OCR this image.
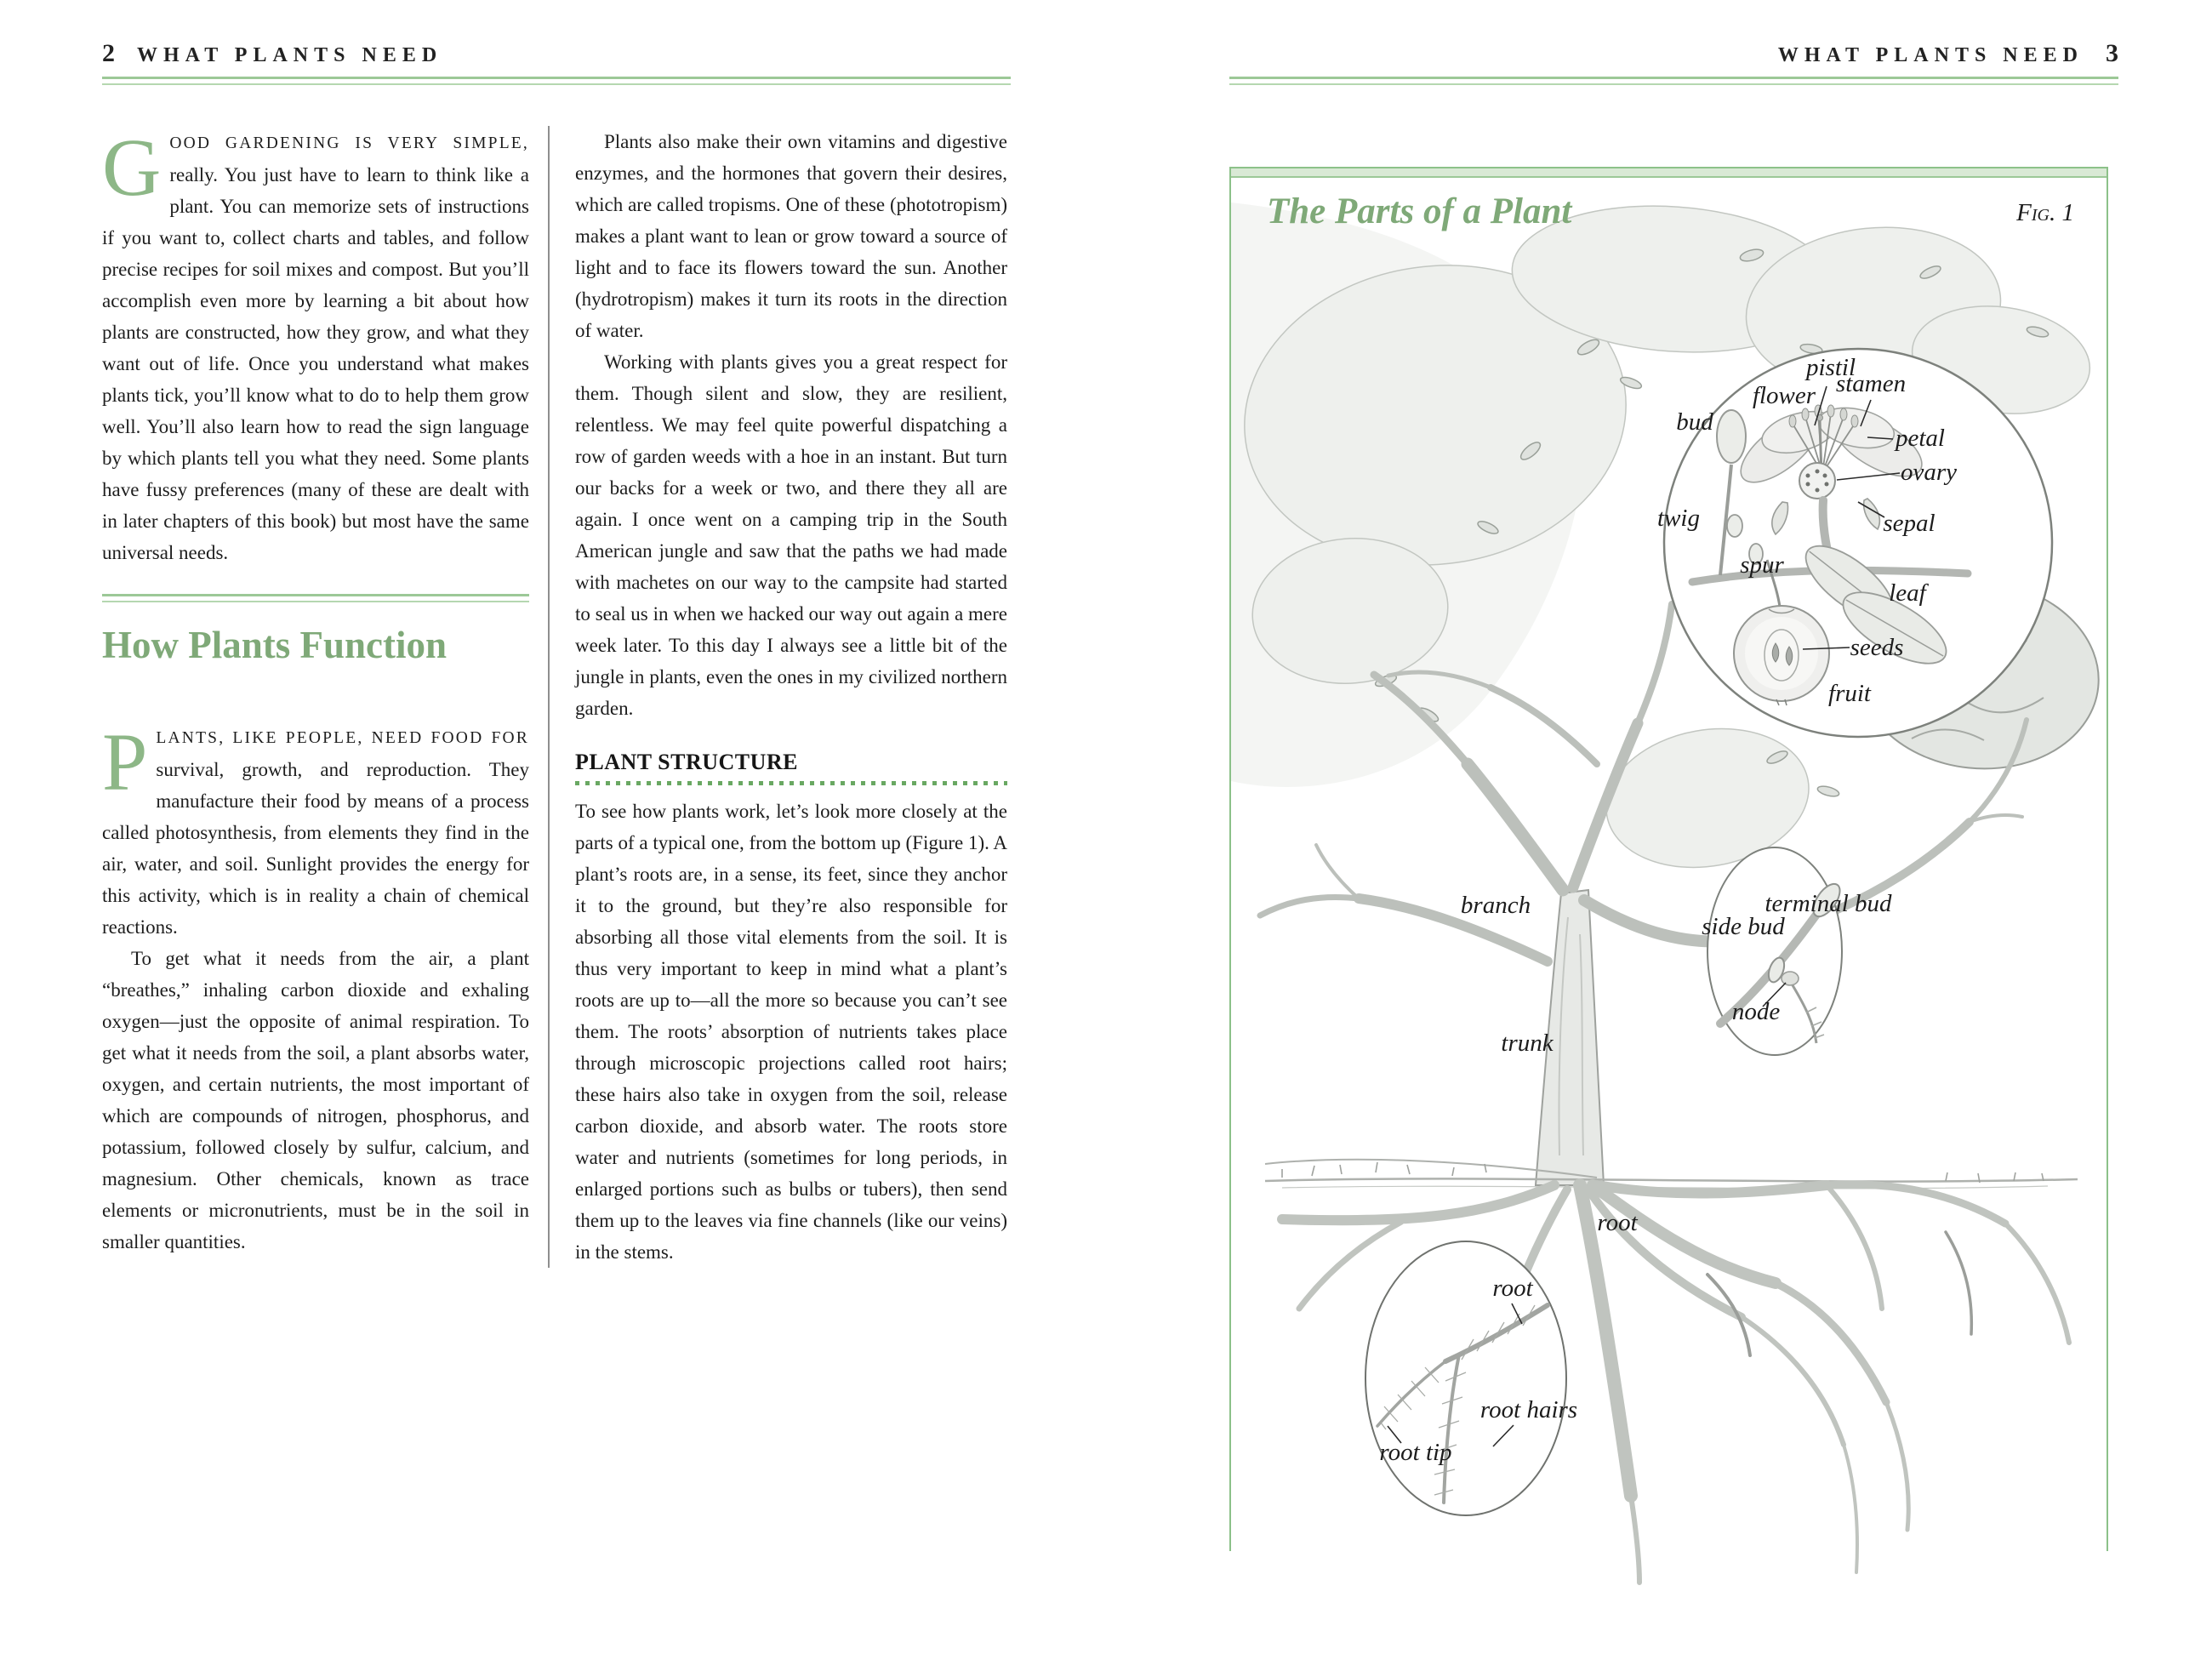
2 WHAT PLANTS NEED

GOOD GARDENING IS VERY SIMPLE, really. You just have to learn to think like a plant. You can memorize sets of instructions if you want to, collect charts and tables, and follow precise recipes for soil mixes and compost. But you’ll accomplish even more by learning a bit about how plants are constructed, how they grow, and what they want out of life. Once you understand what makes plants tick, you’ll know what to do to help them grow well. You’ll also learn how to read the sign language by which plants tell you what they need. Some plants have fussy preferences (many of these are dealt with in later chapters of this book) but most have the same universal needs.

How Plants Function

PLANTS, LIKE PEOPLE, NEED FOOD FOR survival, growth, and reproduction. They manufacture their food by means of a process called photosynthesis, from elements they find in the air, water, and soil. Sunlight provides the energy for this activity, which is in reality a chain of chemical reactions.

To get what it needs from the air, a plant “breathes,” inhaling carbon dioxide and exhaling oxygen—just the opposite of animal respiration. To get what it needs from the soil, a plant absorbs water, oxygen, and certain nutrients, the most important of which are compounds of nitrogen, phosphorus, and potassium, followed closely by sulfur, calcium, and magnesium. Other chemicals, known as trace elements or micronutrients, must be in the soil in smaller quantities.

Plants also make their own vitamins and digestive enzymes, and the hormones that govern their desires, which are called tropisms. One of these (phototropism) makes a plant want to lean or grow toward a source of light and to face its flowers toward the sun. Another (hydrotropism) makes it turn its roots in the direction of water.

Working with plants gives you a great respect for them. Though silent and slow, they are resilient, relentless. We may feel quite powerful dispatching a row of garden weeds with a hoe in an instant. But turn our backs for a week or two, and there they all are again. I once went on a camping trip in the South American jungle and saw that the paths we had made with machetes on our way to the campsite had started to seal us in when we hacked our way out again a mere week later. To this day I always see a little bit of the jungle in plants, even the ones in my civilized northern garden.

PLANT STRUCTURE

To see how plants work, let’s look more closely at the parts of a typical one, from the bottom up (Figure 1). A plant’s roots are, in a sense, its feet, since they anchor it to the ground, but they’re also responsible for absorbing all those vital elements from the soil. It is thus very important to keep in mind what a plant’s roots are up to—all the more so because you can’t see them. The roots’ absorption of nutrients takes place through microscopic projections called root hairs; these hairs also take in oxygen from the soil, release carbon dioxide, and absorb water. The roots store water and nutrients (sometimes for long periods, in enlarged portions such as bulbs or tubers), then send them up to the leaves via fine channels (like our veins) in the stems.

WHAT PLANTS NEED 3
pistil
stamen
flower
bud
petal
ovary
twig	sepal
spur
leaf
seeds
fruit
branch
side bud
terminal bud
node
trunk
root
root
root hairs
root tip
The Parts of a Plant	Fig. 1
